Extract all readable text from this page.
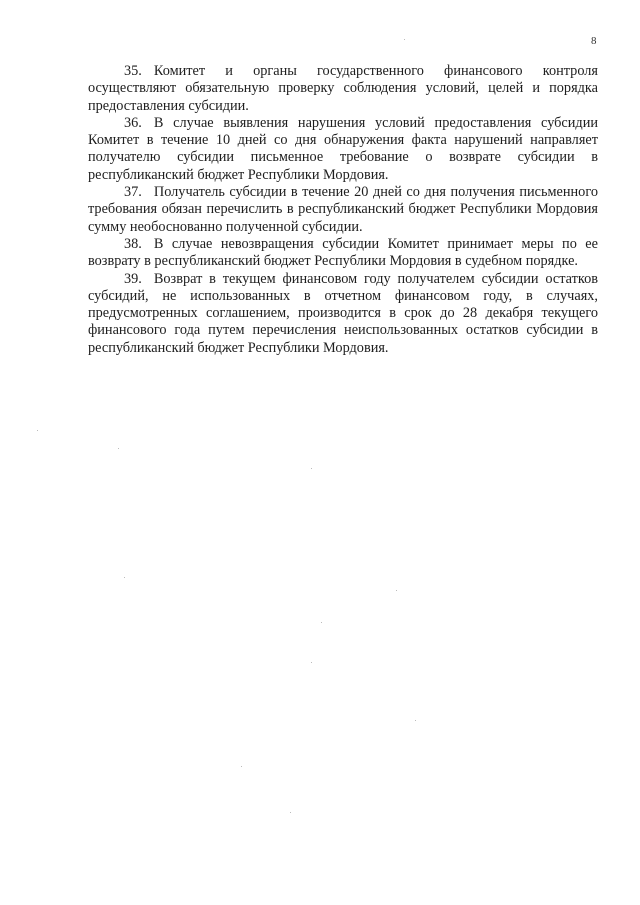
8

35. Комитет и органы государственного финансового контроля осуществляют обязательную проверку соблюдения условий, целей и порядка предоставления субсидии.

36. В случае выявления нарушения условий предоставления субсидии Комитет в течение 10 дней со дня обнаружения факта нарушений направляет получателю субсидии письменное требование о возврате субсидии в республиканский бюджет Республики Мордовия.

37. Получатель субсидии в течение 20 дней со дня получения письменного требования обязан перечислить в республиканский бюджет Республики Мордовия сумму необоснованно полученной субсидии.

38. В случае невозвращения субсидии Комитет принимает меры по ее возврату в республиканский бюджет Республики Мордовия в судебном порядке.

39. Возврат в текущем финансовом году получателем субсидии остатков субсидий, не использованных в отчетном финансовом году, в случаях, предусмотренных соглашением, производится в срок до 28 декабря текущего финансового года путем перечисления неиспользованных остатков субсидии в республиканский бюджет Республики Мордовия.
